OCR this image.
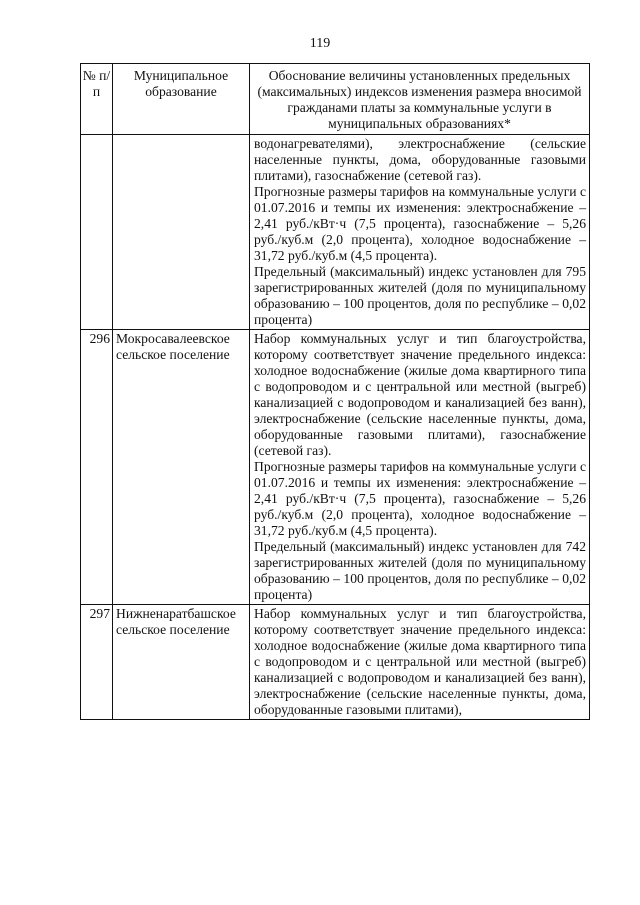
119
№ п/п	Муниципальное образование	Обоснование величины установленных предельных (максимальных) индексов изменения размера вносимой гражданами платы за коммунальные услуги в муниципальных образованиях*

		водонагревателями), электроснабжение (сельские населенные пункты, дома, оборудованные газовыми плитами), газоснабжение (сетевой газ).

Прогнозные размеры тарифов на коммунальные услуги с 01.07.2016 и темпы их изменения: электроснабжение – 2,41 руб./кВт·ч (7,5 процента), газоснабжение – 5,26 руб./куб.м (2,0 процента), холодное водоснабжение – 31,72 руб./куб.м (4,5 процента).

Предельный (максимальный) индекс установлен для 795 зарегистрированных жителей (доля по муниципальному образованию – 100 процентов, доля по республике – 0,02 процента)

296	Мокросавалеевское сельское поселение	Набор коммунальных услуг и тип благоустройства, которому соответствует значение предельного индекса: холодное водоснабжение (жилые дома квартирного типа с водопроводом и с центральной или местной (выгреб) канализацией с водопроводом и канализацией без ванн), электроснабжение (сельские населенные пункты, дома, оборудованные газовыми плитами), газоснабжение (сетевой газ).

Прогнозные размеры тарифов на коммунальные услуги с 01.07.2016 и темпы их изменения: электроснабжение – 2,41 руб./кВт·ч (7,5 процента), газоснабжение – 5,26 руб./куб.м (2,0 процента), холодное водоснабжение – 31,72 руб./куб.м (4,5 процента).

Предельный (максимальный) индекс установлен для 742 зарегистрированных жителей (доля по муниципальному образованию – 100 процентов, доля по республике – 0,02 процента)

297	Нижненаратбашское сельское поселение	Набор коммунальных услуг и тип благоустройства, которому соответствует значение предельного индекса: холодное водоснабжение (жилые дома квартирного типа с водопроводом и с центральной или местной (выгреб) канализацией с водопроводом и канализацией без ванн), электроснабжение (сельские населенные пункты, дома, оборудованные газовыми плитами),
